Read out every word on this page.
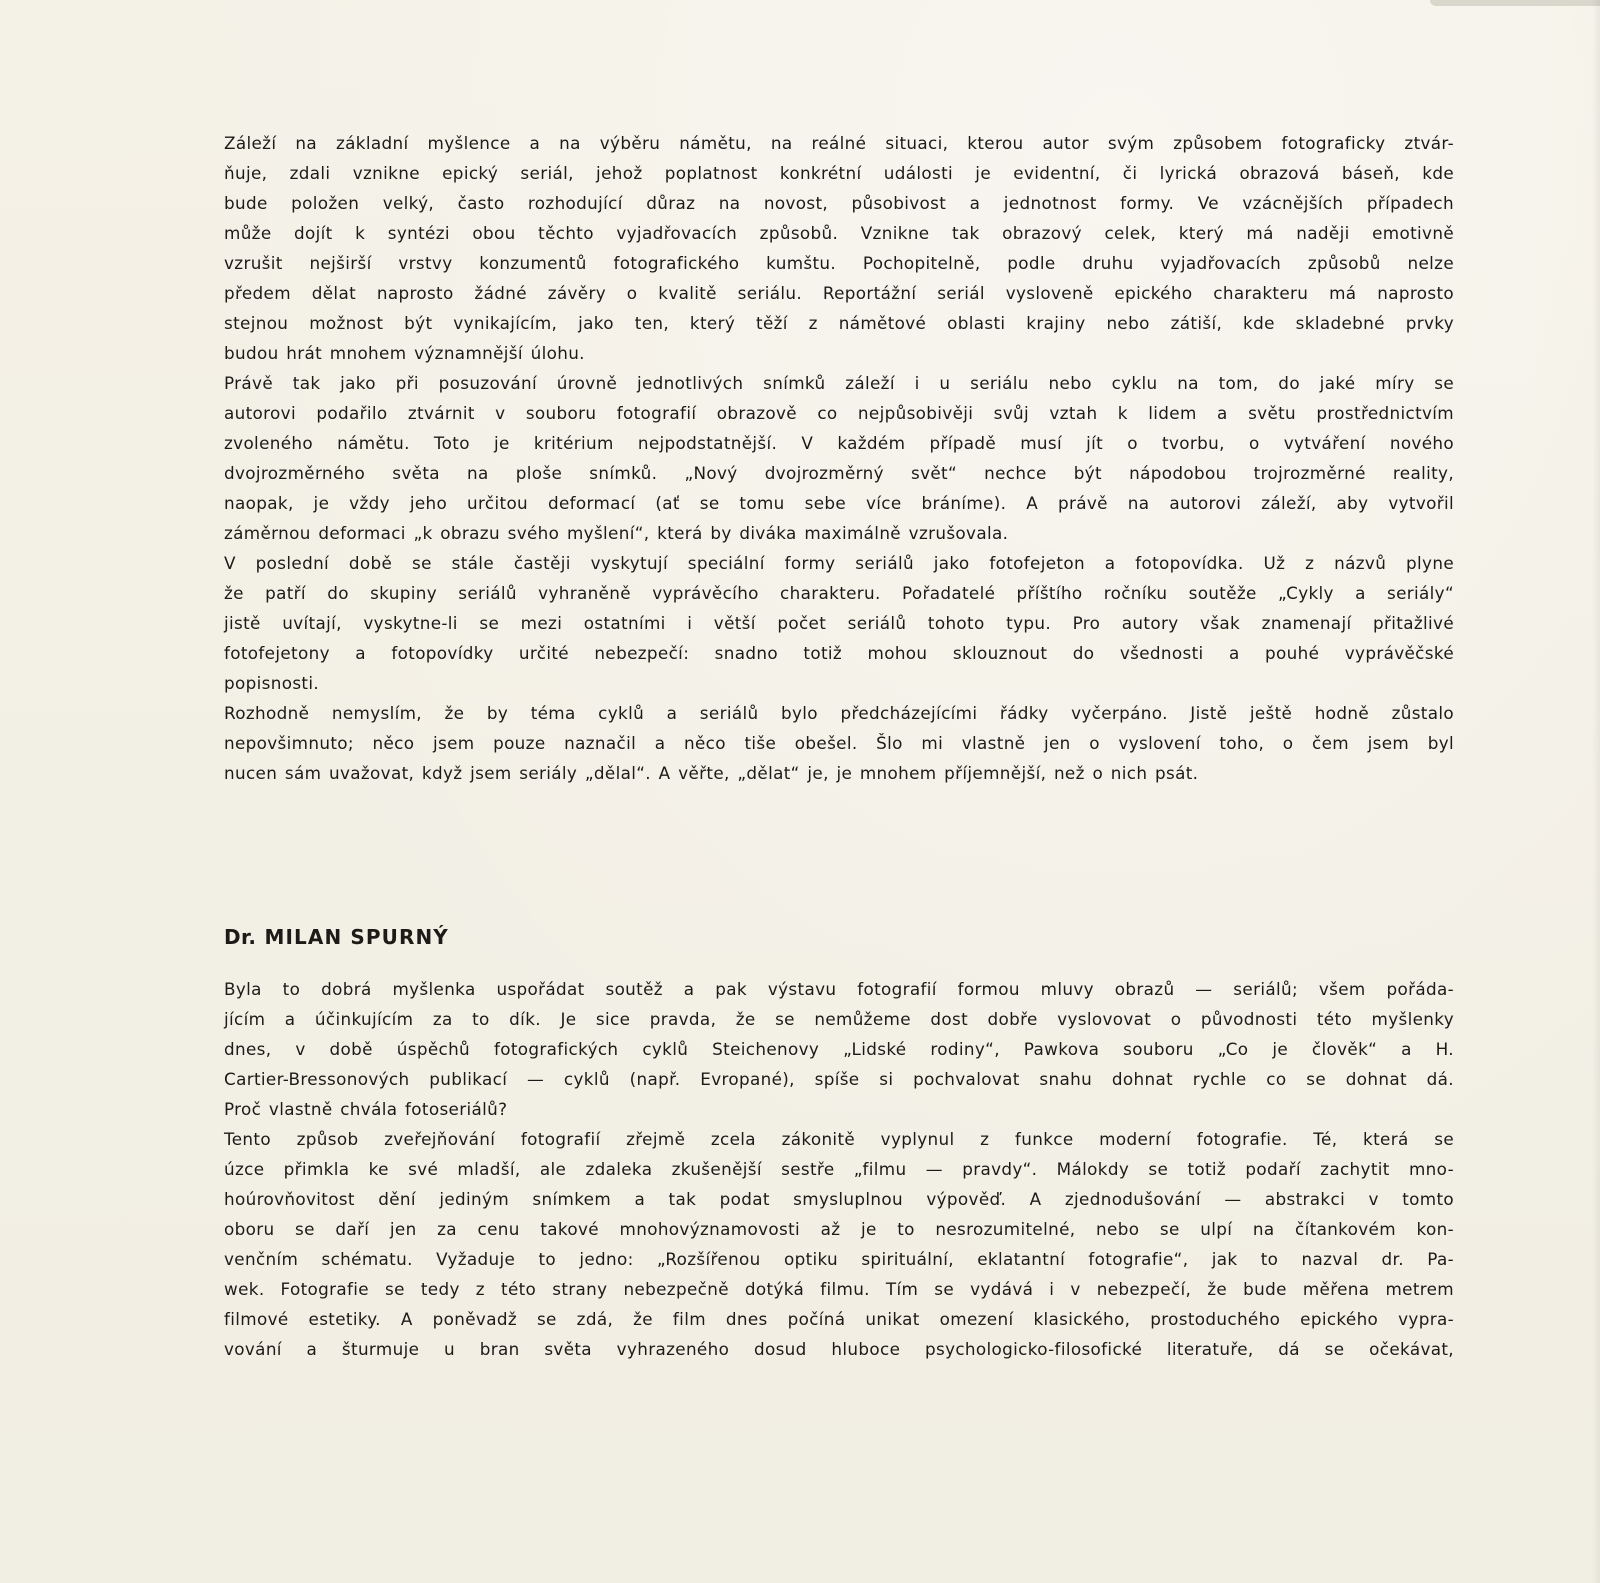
Záleží na základní myšlence a na výběru námětu, na reálné situaci, kterou autor svým způsobem fotograficky ztvár-
ňuje, zdali vznikne epický seriál, jehož poplatnost konkrétní události je evidentní, či lyrická obrazová báseň, kde
bude položen velký, často rozhodující důraz na novost, působivost a jednotnost formy. Ve vzácnějších případech
může dojít k syntézi obou těchto vyjadřovacích způsobů. Vznikne tak obrazový celek, který má naději emotivně
vzrušit nejširší vrstvy konzumentů fotografického kumštu. Pochopitelně, podle druhu vyjadřovacích způsobů nelze
předem dělat naprosto žádné závěry o kvalitě seriálu. Reportážní seriál vysloveně epického charakteru má naprosto
stejnou možnost být vynikajícím, jako ten, který těží z námětové oblasti krajiny nebo zátiší, kde skladebné prvky
budou hrát mnohem významnější úlohu.

Právě tak jako při posuzování úrovně jednotlivých snímků záleží i u seriálu nebo cyklu na tom, do jaké míry se
autorovi podařilo ztvárnit v souboru fotografií obrazově co nejpůsobivěji svůj vztah k lidem a světu prostřednictvím
zvoleného námětu. Toto je kritérium nejpodstatnější. V každém případě musí jít o tvorbu, o vytváření nového
dvojrozměrného světa na ploše snímků. „Nový dvojrozměrný svět“ nechce být nápodobou trojrozměrné reality,
naopak, je vždy jeho určitou deformací (ať se tomu sebe více bráníme). A právě na autorovi záleží, aby vytvořil
záměrnou deformaci „k obrazu svého myšlení“, která by diváka maximálně vzrušovala.

V poslední době se stále častěji vyskytují speciální formy seriálů jako fotofejeton a fotopovídka. Už z názvů plyne
že patří do skupiny seriálů vyhraněně vyprávěcího charakteru. Pořadatelé příštího ročníku soutěže „Cykly a seriály“
jistě uvítají, vyskytne-li se mezi ostatními i větší počet seriálů tohoto typu. Pro autory však znamenají přitažlivé
fotofejetony a fotopovídky určité nebezpečí: snadno totiž mohou sklouznout do všednosti a pouhé vyprávěčské
popisnosti.

Rozhodně nemyslím, že by téma cyklů a seriálů bylo předcházejícími řádky vyčerpáno. Jistě ještě hodně zůstalo
nepovšimnuto; něco jsem pouze naznačil a něco tiše obešel. Šlo mi vlastně jen o vyslovení toho, o čem jsem byl
nucen sám uvažovat, když jsem seriály „dělal“. A věřte, „dělat“ je, je mnohem příjemnější, než o nich psát.

Dr. MILAN SPURNÝ

Byla to dobrá myšlenka uspořádat soutěž a pak výstavu fotografií formou mluvy obrazů — seriálů; všem pořáda-
jícím a účinkujícím za to dík. Je sice pravda, že se nemůžeme dost dobře vyslovovat o původnosti této myšlenky
dnes, v době úspěchů fotografických cyklů Steichenovy „Lidské rodiny“, Pawkova souboru „Co je člověk“ a H.
Cartier-Bressonových publikací — cyklů (např. Evropané), spíše si pochvalovat snahu dohnat rychle co se dohnat dá.
Proč vlastně chvála fotoseriálů?

Tento způsob zveřejňování fotografií zřejmě zcela zákonitě vyplynul z funkce moderní fotografie. Té, která se
úzce přimkla ke své mladší, ale zdaleka zkušenější sestře „filmu — pravdy“. Málokdy se totiž podaří zachytit mno-
hoúrovňovitost dění jediným snímkem a tak podat smysluplnou výpověď. A zjednodušování — abstrakci v tomto
oboru se daří jen za cenu takové mnohovýznamovosti až je to nesrozumitelné, nebo se ulpí na čítankovém kon-
venčním schématu. Vyžaduje to jedno: „Rozšířenou optiku spirituální, eklatantní fotografie“, jak to nazval dr. Pa-
wek. Fotografie se tedy z této strany nebezpečně dotýká filmu. Tím se vydává i v nebezpečí, že bude měřena metrem
filmové estetiky. A poněvadž se zdá, že film dnes počíná unikat omezení klasického, prostoduchého epického vypra-
vování a šturmuje u bran světa vyhrazeného dosud hlubоce psychologicko-filosofické literatuře, dá se očekávat,
